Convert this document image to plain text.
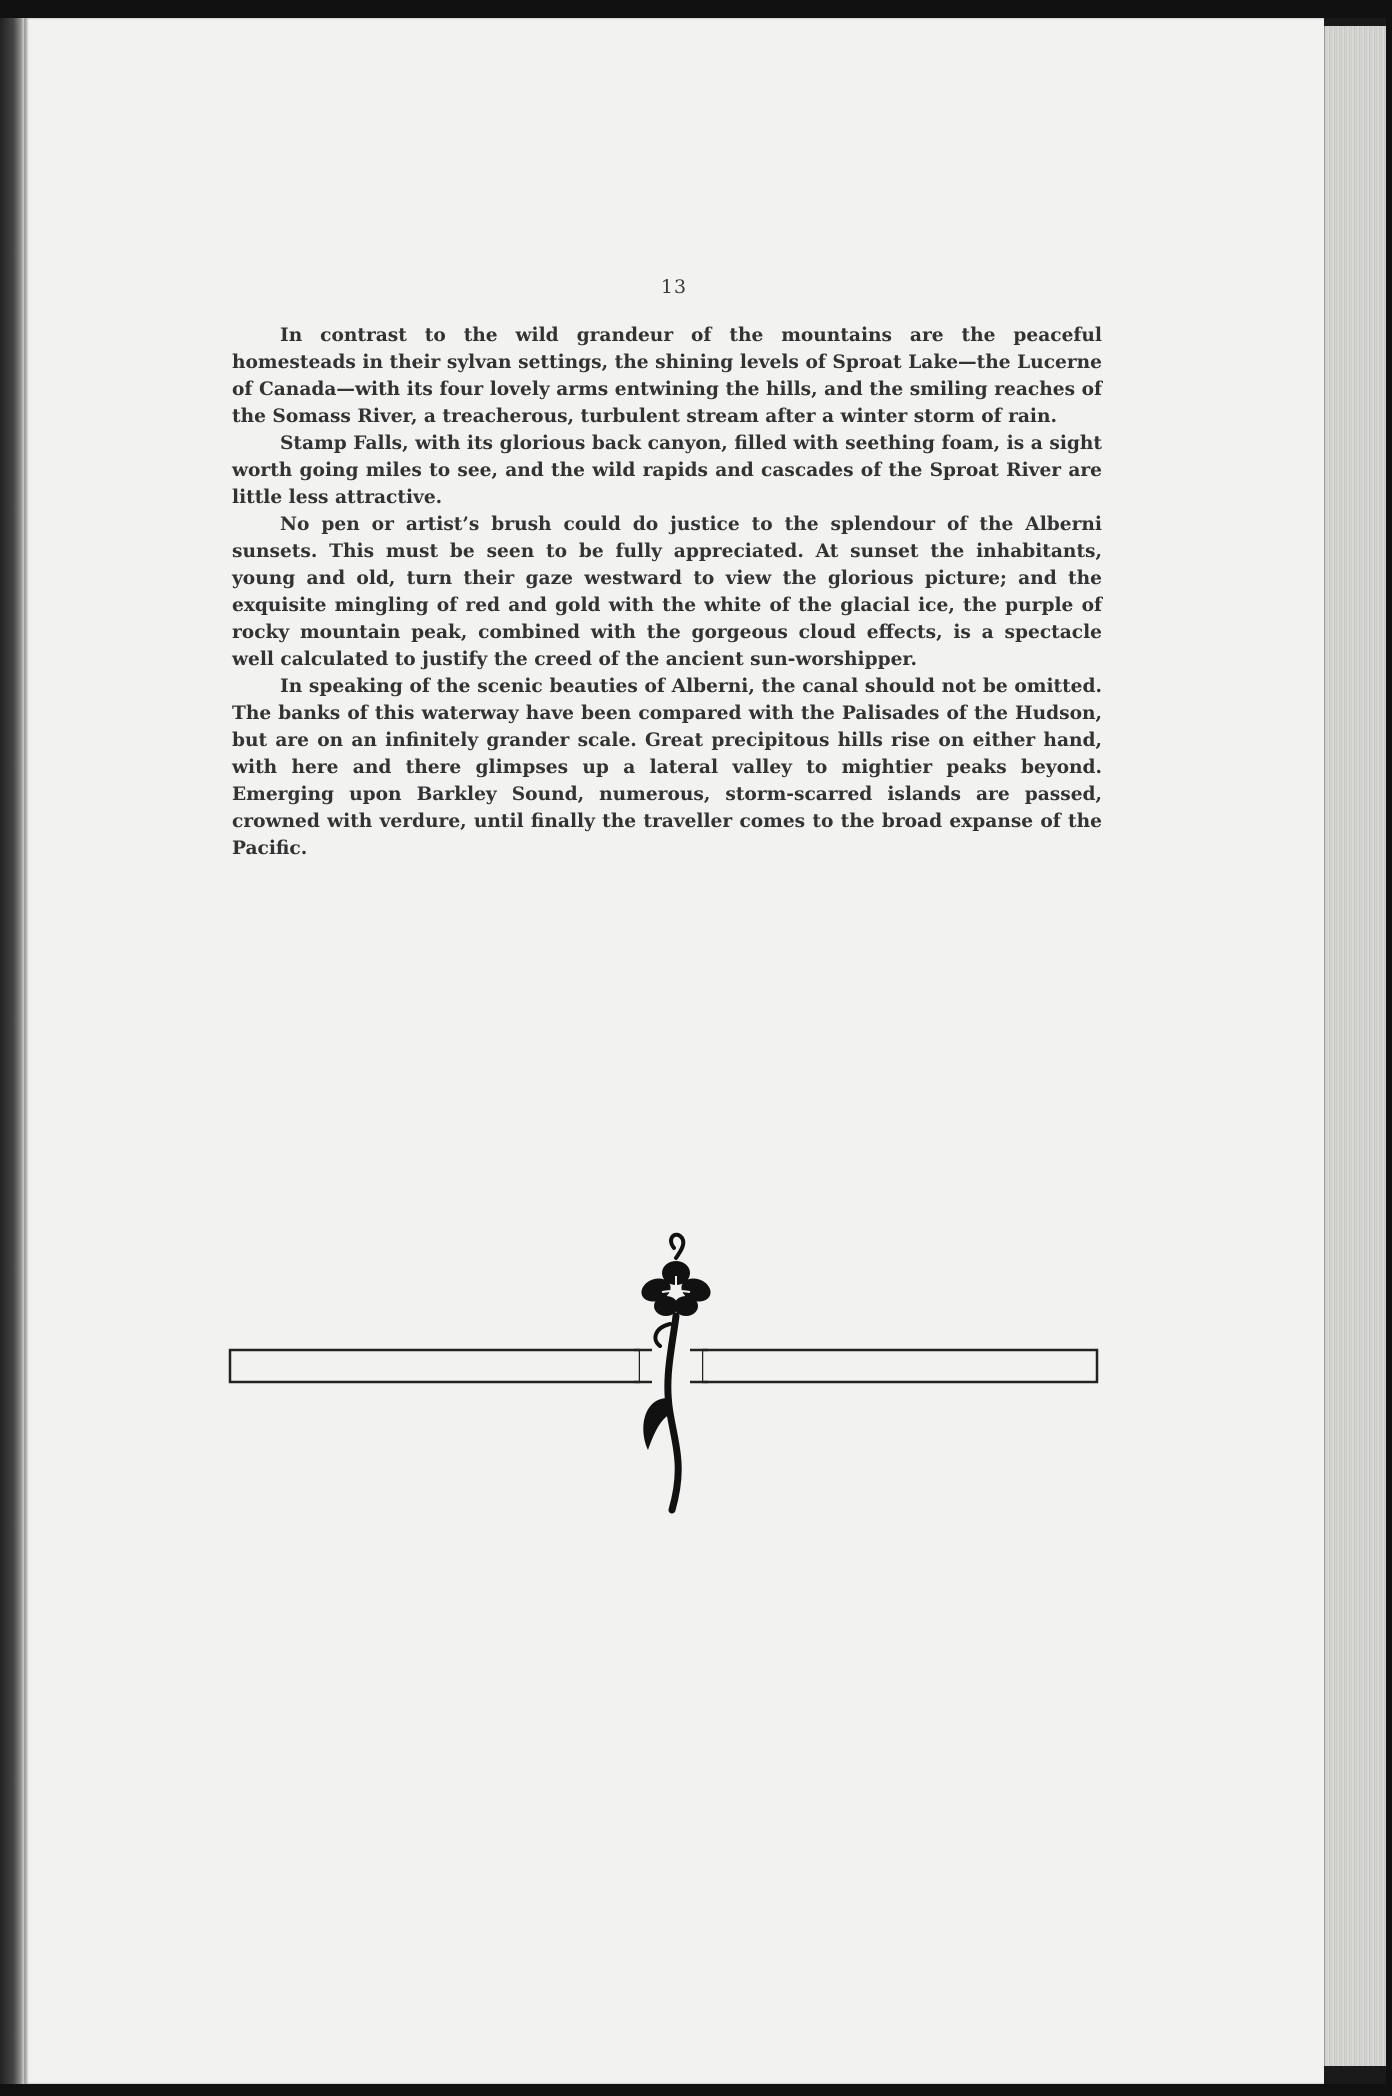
13

In contrast to the wild grandeur of the mountains are the peaceful homesteads in their sylvan settings, the shining levels of Sproat Lake—the Lucerne of Canada—with its four lovely arms entwining the hills, and the smiling reaches of the Somass River, a treacherous, turbulent stream after a winter storm of rain.

Stamp Falls, with its glorious back canyon, filled with seething foam, is a sight worth going miles to see, and the wild rapids and cascades of the Sproat River are little less attractive.

No pen or artist’s brush could do justice to the splendour of the Alberni sunsets. This must be seen to be fully appreciated. At sunset the inhabitants, young and old, turn their gaze westward to view the glorious picture; and the exquisite mingling of red and gold with the white of the glacial ice, the purple of rocky mountain peak, combined with the gorgeous cloud effects, is a spectacle well calculated to justify the creed of the ancient sun-worshipper.

In speaking of the scenic beauties of Alberni, the canal should not be omitted. The banks of this waterway have been compared with the Palisades of the Hudson, but are on an infinitely grander scale. Great precipitous hills rise on either hand, with here and there glimpses up a lateral valley to mightier peaks beyond. Emerging upon Barkley Sound, numerous, storm-scarred islands are passed, crowned with verdure, until finally the traveller comes to the broad expanse of the Pacific.
